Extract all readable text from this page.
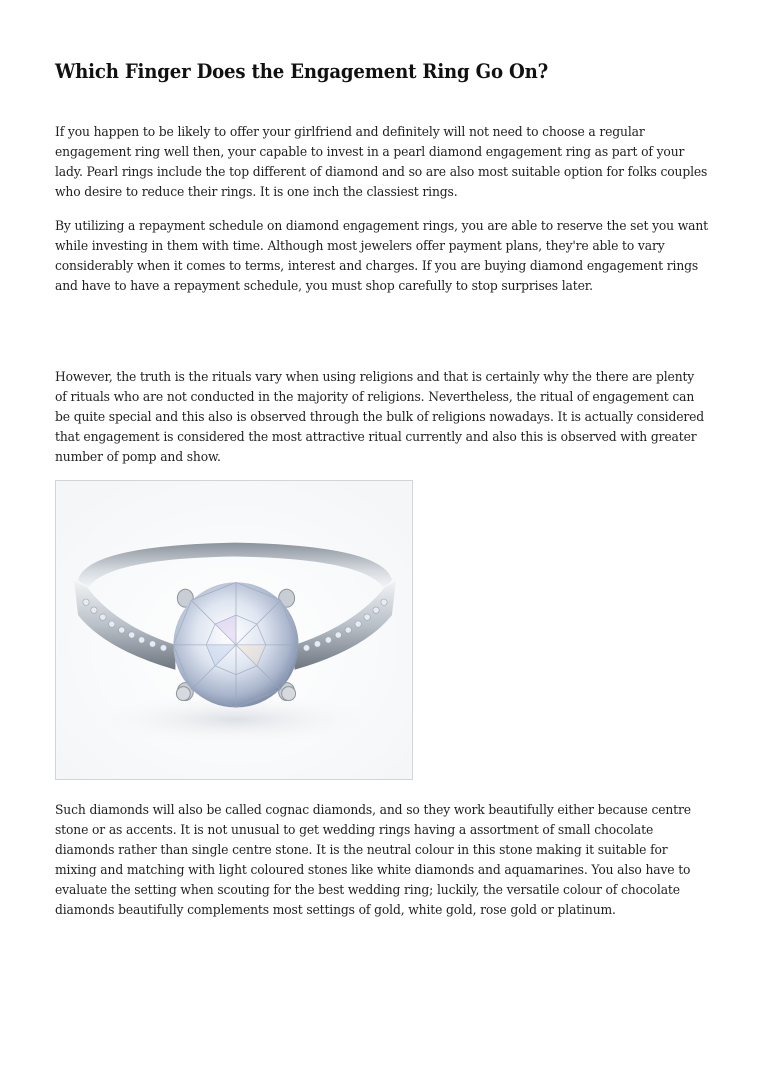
Which Finger Does the Engagement Ring Go On?

If you happen to be likely to offer your girlfriend and definitely will not need to choose a regular engagement ring well then, your capable to invest in a pearl diamond engagement ring as part of your lady. Pearl rings include the top different of diamond and so are also most suitable option for folks couples who desire to reduce their rings. It is one inch the classiest rings.

By utilizing a repayment schedule on diamond engagement rings, you are able to reserve the set you want while investing in them with time. Although most jewelers offer payment plans, they're able to vary considerably when it comes to terms, interest and charges. If you are buying diamond engagement rings and have to have a repayment schedule, you must shop carefully to stop surprises later.

However, the truth is the rituals vary when using religions and that is certainly why the there are plenty of rituals who are not conducted in the majority of religions. Nevertheless, the ritual of engagement can be quite special and this also is observed through the bulk of religions nowadays. It is actually considered that engagement is considered the most attractive ritual currently and also this is observed with greater number of pomp and show.

Such diamonds will also be called cognac diamonds, and so they work beautifully either because centre stone or as accents. It is not unusual to get wedding rings having a assortment of small chocolate diamonds rather than single centre stone. It is the neutral colour in this stone making it suitable for mixing and matching with light coloured stones like white diamonds and aquamarines. You also have to evaluate the setting when scouting for the best wedding ring; luckily, the versatile colour of chocolate diamonds beautifully complements most settings of gold, white gold, rose gold or platinum.
